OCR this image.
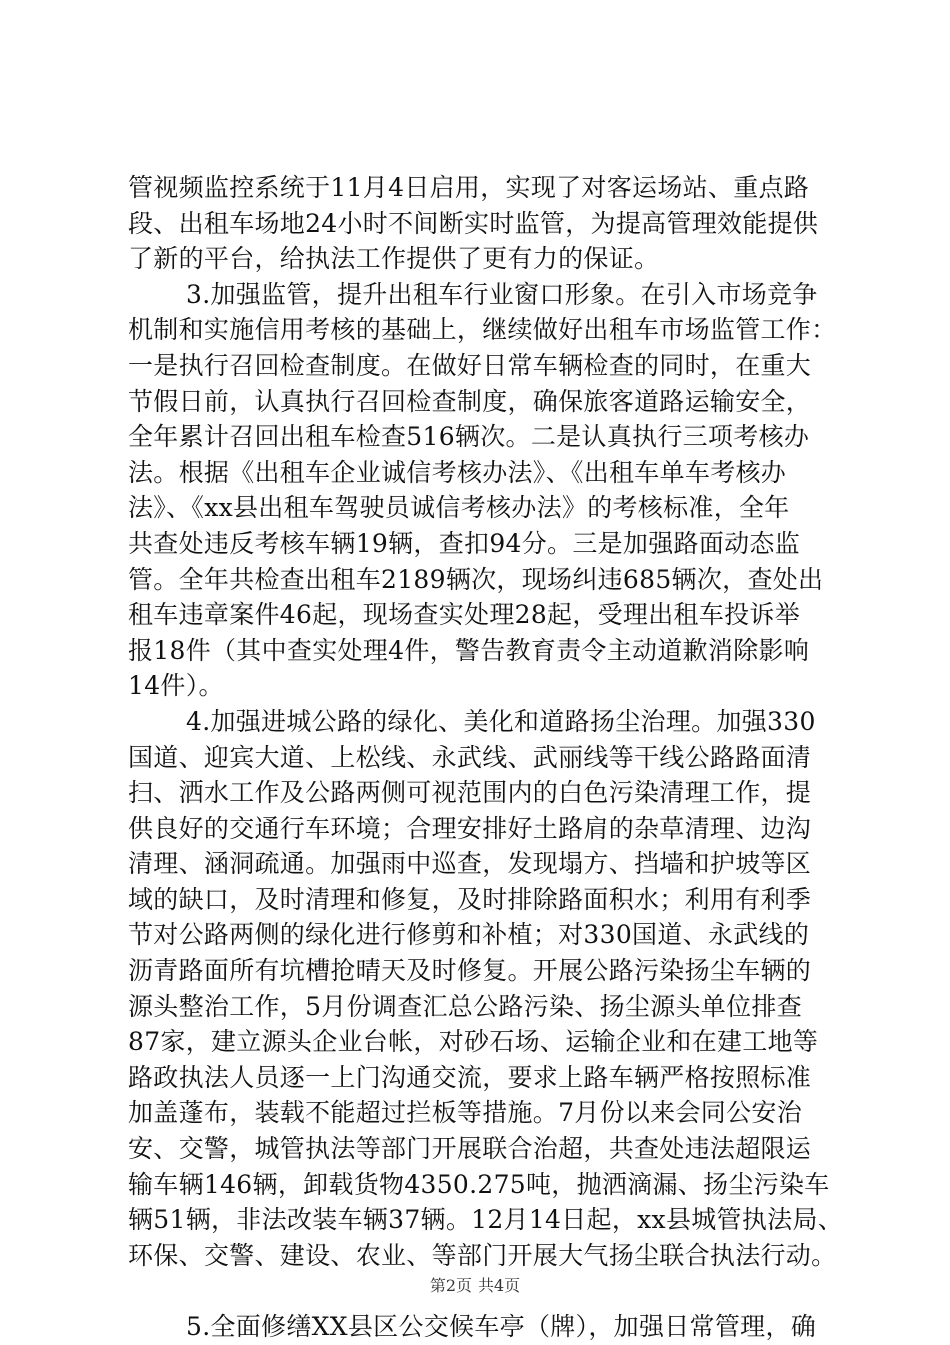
管视频监控系统于11月4日启用，实现了对客运场站、重点路
段、出租车场地24小时不间断实时监管，为提高管理效能提供
了新的平台，给执法工作提供了更有力的保证。
3.加强监管，提升出租车行业窗口形象。在引入市场竞争
机制和实施信用考核的基础上，继续做好出租车市场监管工作：
一是执行召回检查制度。在做好日常车辆检查的同时，在重大
节假日前，认真执行召回检查制度，确保旅客道路运输安全，
全年累计召回出租车检查516辆次。二是认真执行三项考核办
法。根据《出租车企业诚信考核办法》、《出租车单车考核办
法》、《xx县出租车驾驶员诚信考核办法》的考核标准，全年
共查处违反考核车辆19辆，查扣94分。三是加强路面动态监
管。全年共检查出租车2189辆次，现场纠违685辆次，查处出
租车违章案件46起，现场查实处理28起，受理出租车投诉举
报18件（其中查实处理4件，警告教育责令主动道歉消除影响
14件）。
4.加强进城公路的绿化、美化和道路扬尘治理。加强330
国道、迎宾大道、上松线、永武线、武丽线等干线公路路面清
扫、洒水工作及公路两侧可视范围内的白色污染清理工作，提
供良好的交通行车环境；合理安排好土路肩的杂草清理、边沟
清理、涵洞疏通。加强雨中巡查，发现塌方、挡墙和护坡等区
域的缺口，及时清理和修复，及时排除路面积水；利用有利季
节对公路两侧的绿化进行修剪和补植；对330国道、永武线的
沥青路面所有坑槽抢晴天及时修复。开展公路污染扬尘车辆的
源头整治工作，5月份调查汇总公路污染、扬尘源头单位排查
87家，建立源头企业台帐，对砂石场、运输企业和在建工地等
路政执法人员逐一上门沟通交流，要求上路车辆严格按照标准
加盖蓬布，装载不能超过拦板等措施。7月份以来会同公安治
安、交警，城管执法等部门开展联合治超，共查处违法超限运
输车辆146辆，卸载货物4350.275吨，抛洒滴漏、扬尘污染车
辆51辆，非法改装车辆37辆。12月14日起，xx县城管执法局、
环保、交警、建设、农业、等部门开展大气扬尘联合执法行动。
5.全面修缮XX县区公交候车亭（牌），加强日常管理，确
第2页 共4页
